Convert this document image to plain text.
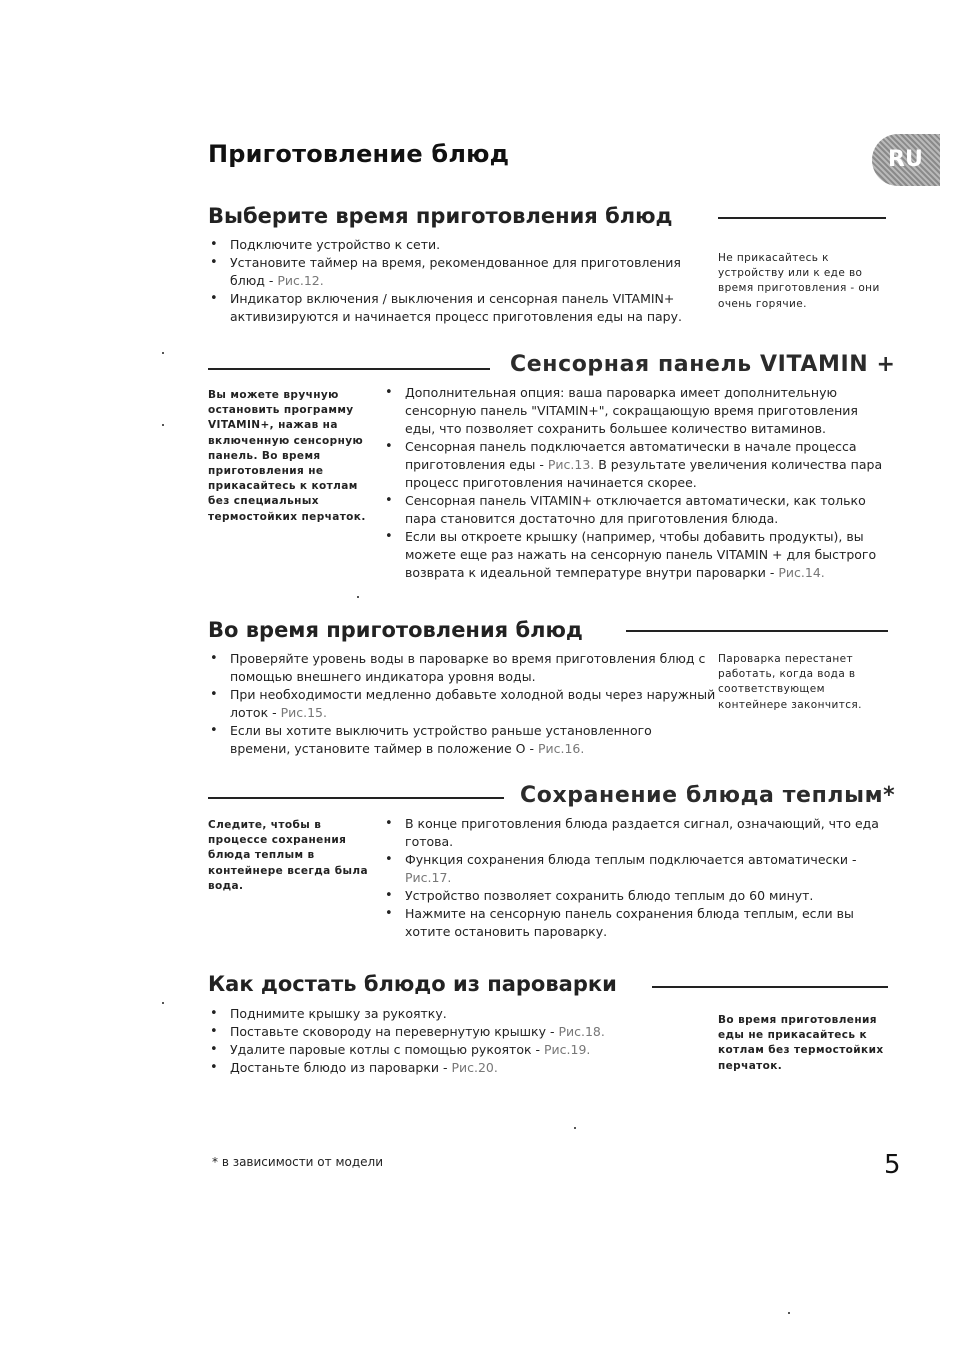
Приготовление блюд	RU
Выберите время приготовления блюд
• Подключите устройство к сети.
• Установите таймер на время, рекомендованное для приготовления блюд - Рис.12.
• Индикатор включения / выключения и сенсорная панель VITAMIN+ активизируются и начинается процесс приготовления еды на пару.
Не прикасайтесь к устройству или к еде во время приготовления - они очень горячие.
Сенсорная панель VITAMIN +
Вы можете вручную остановить программу VITAMIN+, нажав на включенную сенсорную панель. Во время приготовления не прикасайтесь к котлам без специальных термостойких перчаток.
• Дополнительная опция: ваша пароварка имеет дополнительную сенсорную панель "VITAMIN+", сокращающую время приготовления еды, что позволяет сохранить большее количество витаминов.
• Сенсорная панель подключается автоматически в начале процесса приготовления еды - Рис.13. В результате увеличения количества пара процесс приготовления начинается скорее.
• Сенсорная панель VITAMIN+ отключается автоматически, как только пара становится достаточно для приготовления блюда.
• Если вы откроете крышку (например, чтобы добавить продукты), вы можете еще раз нажать на сенсорную панель VITAMIN + для быстрого возврата к идеальной температуре внутри пароварки - Рис.14.
Во время приготовления блюд
• Проверяйте уровень воды в пароварке во время приготовления блюд с помощью внешнего индикатора уровня воды.
• При необходимости медленно добавьте холодной воды через наружный лоток - Рис.15.
• Если вы хотите выключить устройство раньше установленного времени, установите таймер в положение O - Рис.16.
Пароварка перестанет работать, когда вода в соответствующем контейнере закончится.
Сохранение блюда теплым*
Следите, чтобы в процессе сохранения блюда теплым в контейнере всегда была вода.
• В конце приготовления блюда раздается сигнал, означающий, что еда готова.
• Функция сохранения блюда теплым подключается автоматически - Рис.17.
• Устройство позволяет сохранить блюдо теплым до 60 минут.
• Нажмите на сенсорную панель сохранения блюда теплым, если вы хотите остановить пароварку.
Как достать блюдо из пароварки
• Поднимите крышку за рукоятку.
• Поставьте сковороду на перевернутую крышку - Рис.18.
• Удалите паровые котлы с помощью рукояток - Рис.19.
• Достаньте блюдо из пароварки - Рис.20.
Во время приготовления еды не прикасайтесь к котлам без термостойких перчаток.
* в зависимости от модели	5
